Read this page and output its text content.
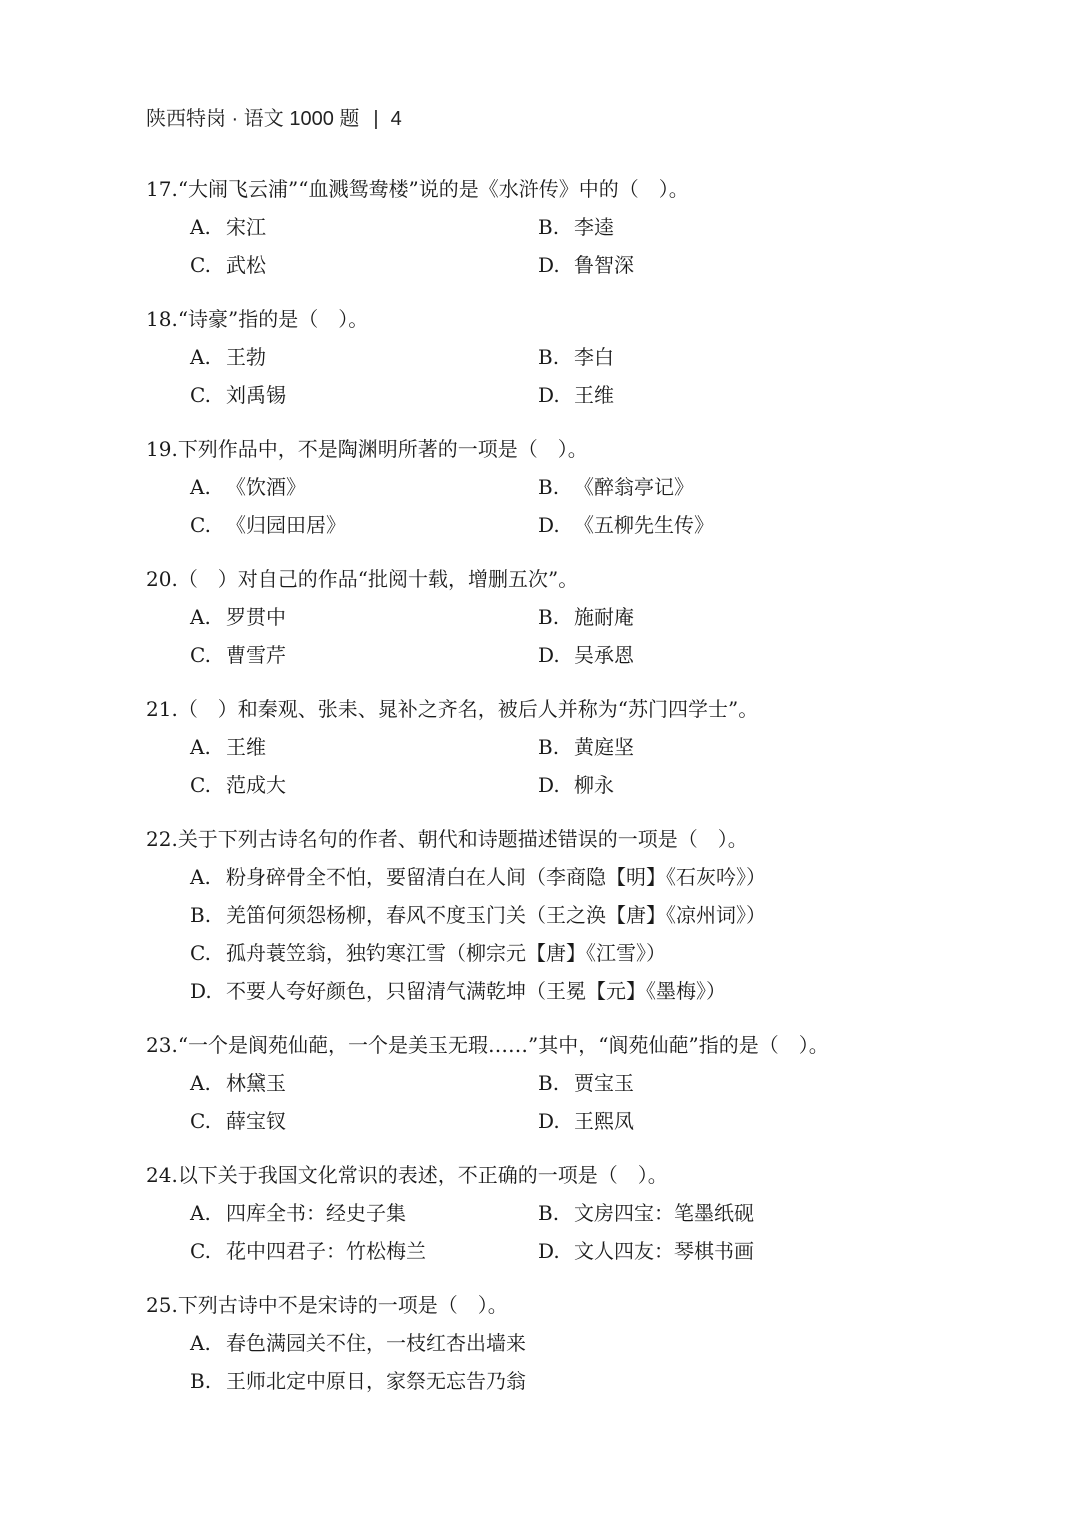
陕西特岗 · 语文 1000 题 | 4
17.“大闹飞云浦”“血溅鸳鸯楼”说的是《水浒传》中的（　）。
A. 宋江	B. 李逵
C. 武松	D. 鲁智深
18.“诗豪”指的是（　）。
A. 王勃	B. 李白
C. 刘禹锡	D. 王维
19.下列作品中，不是陶渊明所著的一项是（　）。
A. 《饮酒》	B. 《醉翁亭记》
C. 《归园田居》	D. 《五柳先生传》
20.（　）对自己的作品“批阅十载，增删五次”。
A. 罗贯中	B. 施耐庵
C. 曹雪芹	D. 吴承恩
21.（　）和秦观、张耒、晁补之齐名，被后人并称为“苏门四学士”。
A. 王维	B. 黄庭坚
C. 范成大	D. 柳永
22.关于下列古诗名句的作者、朝代和诗题描述错误的一项是（　）。
A. 粉身碎骨全不怕，要留清白在人间（李商隐【明】《石灰吟》）
B. 羌笛何须怨杨柳，春风不度玉门关（王之涣【唐】《凉州词》）
C. 孤舟蓑笠翁，独钓寒江雪（柳宗元【唐】《江雪》）
D. 不要人夸好颜色，只留清气满乾坤（王冕【元】《墨梅》）
23.“一个是阆苑仙葩，一个是美玉无瑕……”其中，“阆苑仙葩”指的是（　）。
A. 林黛玉	B. 贾宝玉
C. 薛宝钗	D. 王熙凤
24.以下关于我国文化常识的表述，不正确的一项是（　）。
A. 四库全书：经史子集	B. 文房四宝：笔墨纸砚
C. 花中四君子：竹松梅兰	D. 文人四友：琴棋书画
25.下列古诗中不是宋诗的一项是（　）。
A. 春色满园关不住，一枝红杏出墙来
B. 王师北定中原日，家祭无忘告乃翁
